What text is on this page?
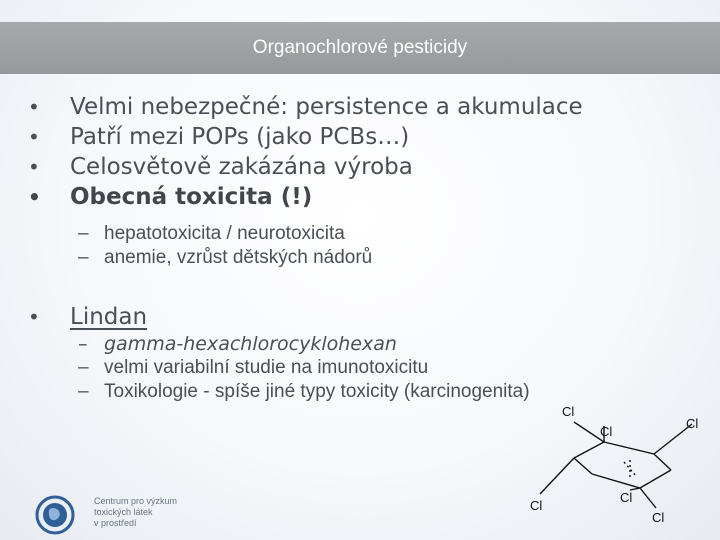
Organochlorové pesticidy
• Velmi nebezpečné: persistence a akumulace
• Patří mezi POPs (jako PCBs…)
• Celosvětově zakázána výroba
• Obecná toxicita (!)
– hepatotoxicita / neurotoxicita
– anemie, vzrůst dětských nádorů
• Lindan
– gamma-hexachlorocyklohexan
– velmi variabilní studie na imunotoxicitu
– Toxikologie - spíše jiné typy toxicity (karcinogenita)
Cl
Cl
Cl
Cl
Cl
Cl
Centrum pro výzkum
toxických látek
v prostředí
